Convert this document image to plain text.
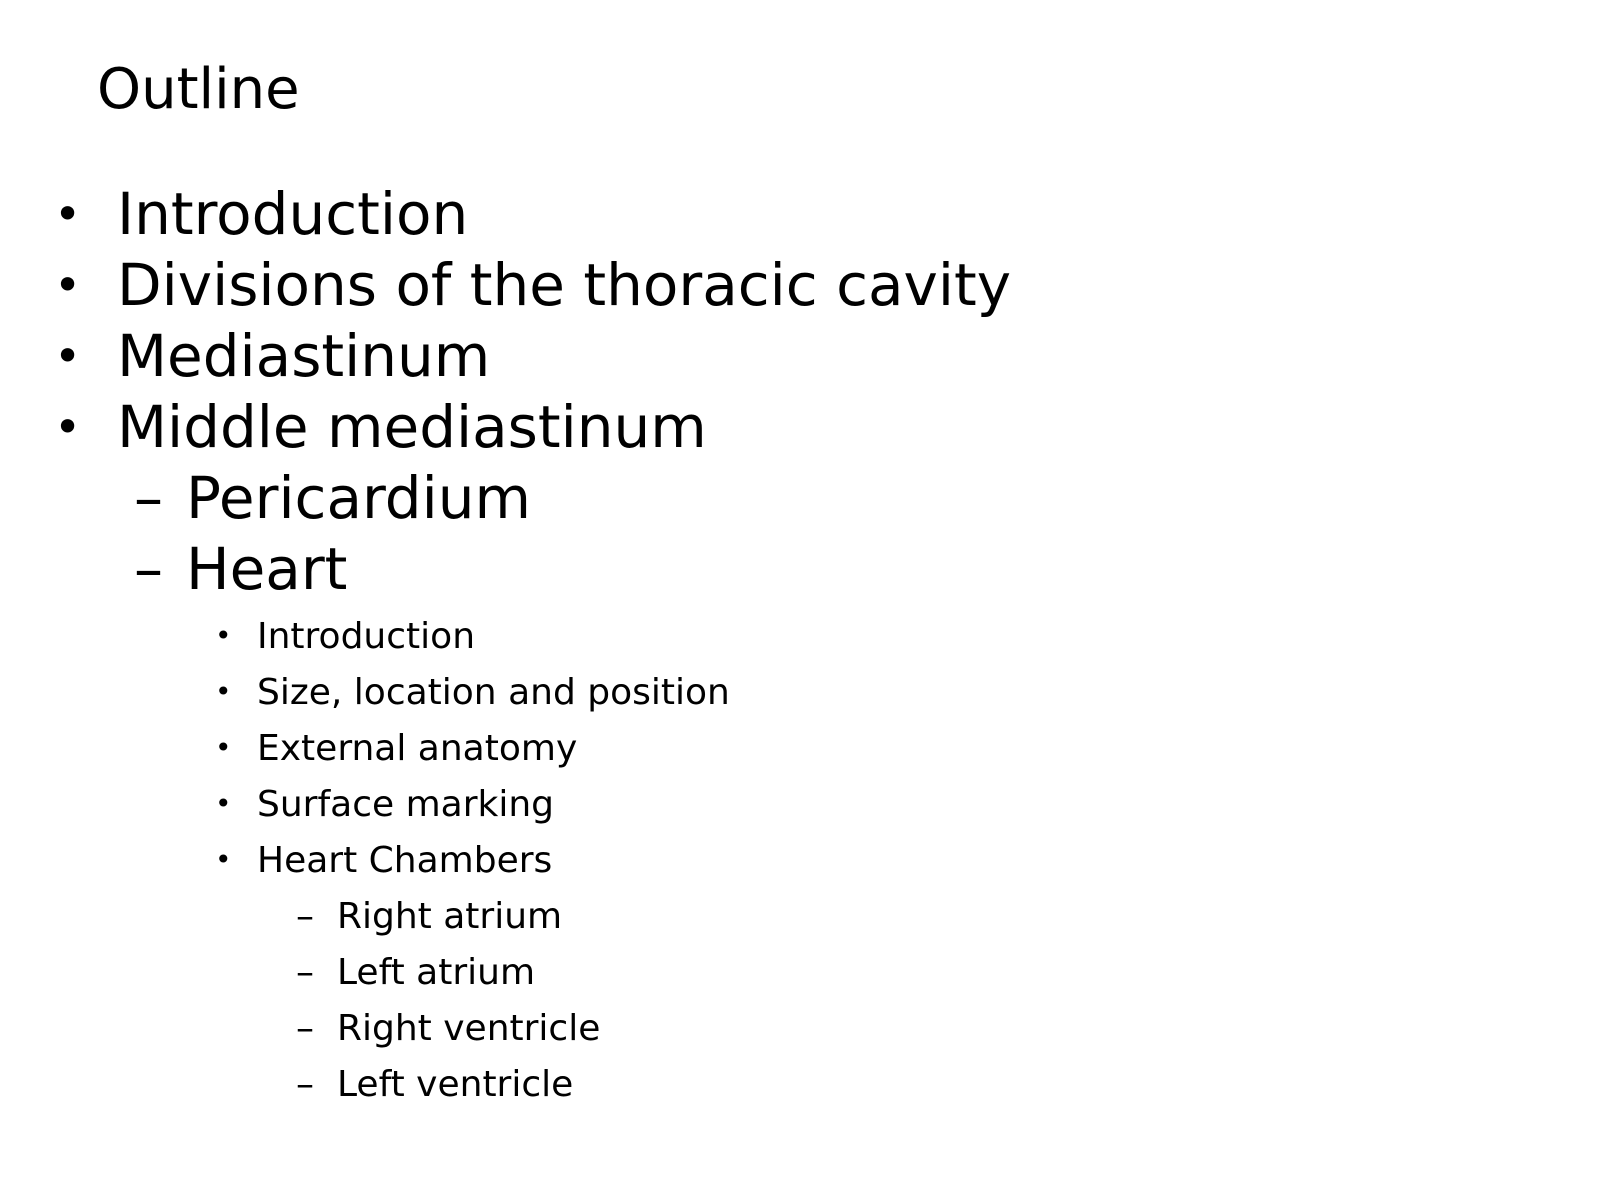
Outline
• Introduction
• Divisions of the thoracic cavity
• Mediastinum
• Middle mediastinum
– Pericardium
– Heart
• Introduction
• Size, location and position
• External anatomy
• Surface marking
• Heart Chambers
– Right atrium
– Left atrium
– Right ventricle
– Left ventricle
